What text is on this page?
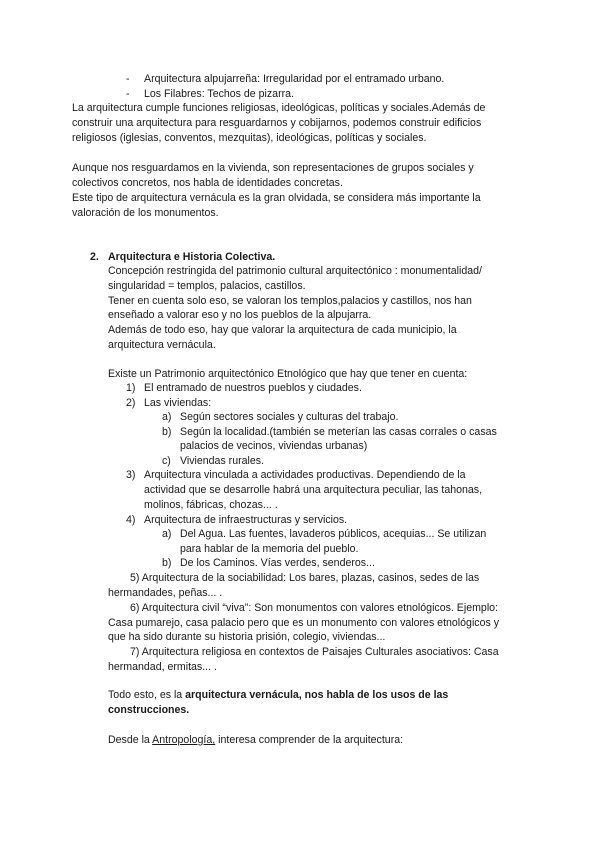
- Arquitectura alpujarreña: Irregularidad por el entramado urbano.
- Los Filabres: Techos de pizarra.
La arquitectura cumple funciones religiosas, ideológicas, políticas y sociales.Además de
construir una arquitectura para resguardarnos y cobijarnos, podemos construir edificios
religiosos (iglesias, conventos, mezquitas), ideológicas, políticas y sociales.
Aunque nos resguardamos en la vivienda, son representaciones de grupos sociales y
colectivos concretos, nos habla de identidades concretas.
Este tipo de arquitectura vernácula es la gran olvidada, se considera más importante la
valoración de los monumentos.
2. Arquitectura e Historia Colectiva.
Concepción restringida del patrimonio cultural arquitectónico : monumentalidad/
singularidad = templos, palacios, castillos.
Tener en cuenta solo eso, se valoran los templos,palacios y castillos, nos han
enseñado a valorar eso y no los pueblos de la alpujarra.
Además de todo eso, hay que valorar la arquitectura de cada municipio, la
arquitectura vernácula.
Existe un Patrimonio arquitectónico Etnológico que hay que tener en cuenta:
1) El entramado de nuestros pueblos y ciudades.
2) Las viviendas:
a) Según sectores sociales y culturas del trabajo.
b) Según la localidad.(también se meterían las casas corrales o casas
palacios de vecinos, viviendas urbanas)
c) Viviendas rurales.
3) Arquitectura vinculada a actividades productivas. Dependiendo de la
actividad que se desarrolle habrá una arquitectura peculiar, las tahonas,
molinos, fábricas, chozas... .
4) Arquitectura de infraestructuras y servicios.
a) Del Agua. Las fuentes, lavaderos públicos, acequias... Se utilizan
para hablar de la memoria del pueblo.
b) De los Caminos. Vías verdes, senderos...
5) Arquitectura de la sociabilidad: Los bares, plazas, casinos, sedes de las
hermandades, peñas... .
6) Arquitectura civil “viva”: Son monumentos con valores etnológicos. Ejemplo:
Casa pumarejo, casa palacio pero que es un monumento con valores etnológicos y
que ha sido durante su historia prisión, colegio, viviendas...
7) Arquitectura religiosa en contextos de Paisajes Culturales asociativos: Casa
hermandad, ermitas... .
Todo esto, es la arquitectura vernácula, nos habla de los usos de las
construcciones.
Desde la Antropología, interesa comprender de la arquitectura:
